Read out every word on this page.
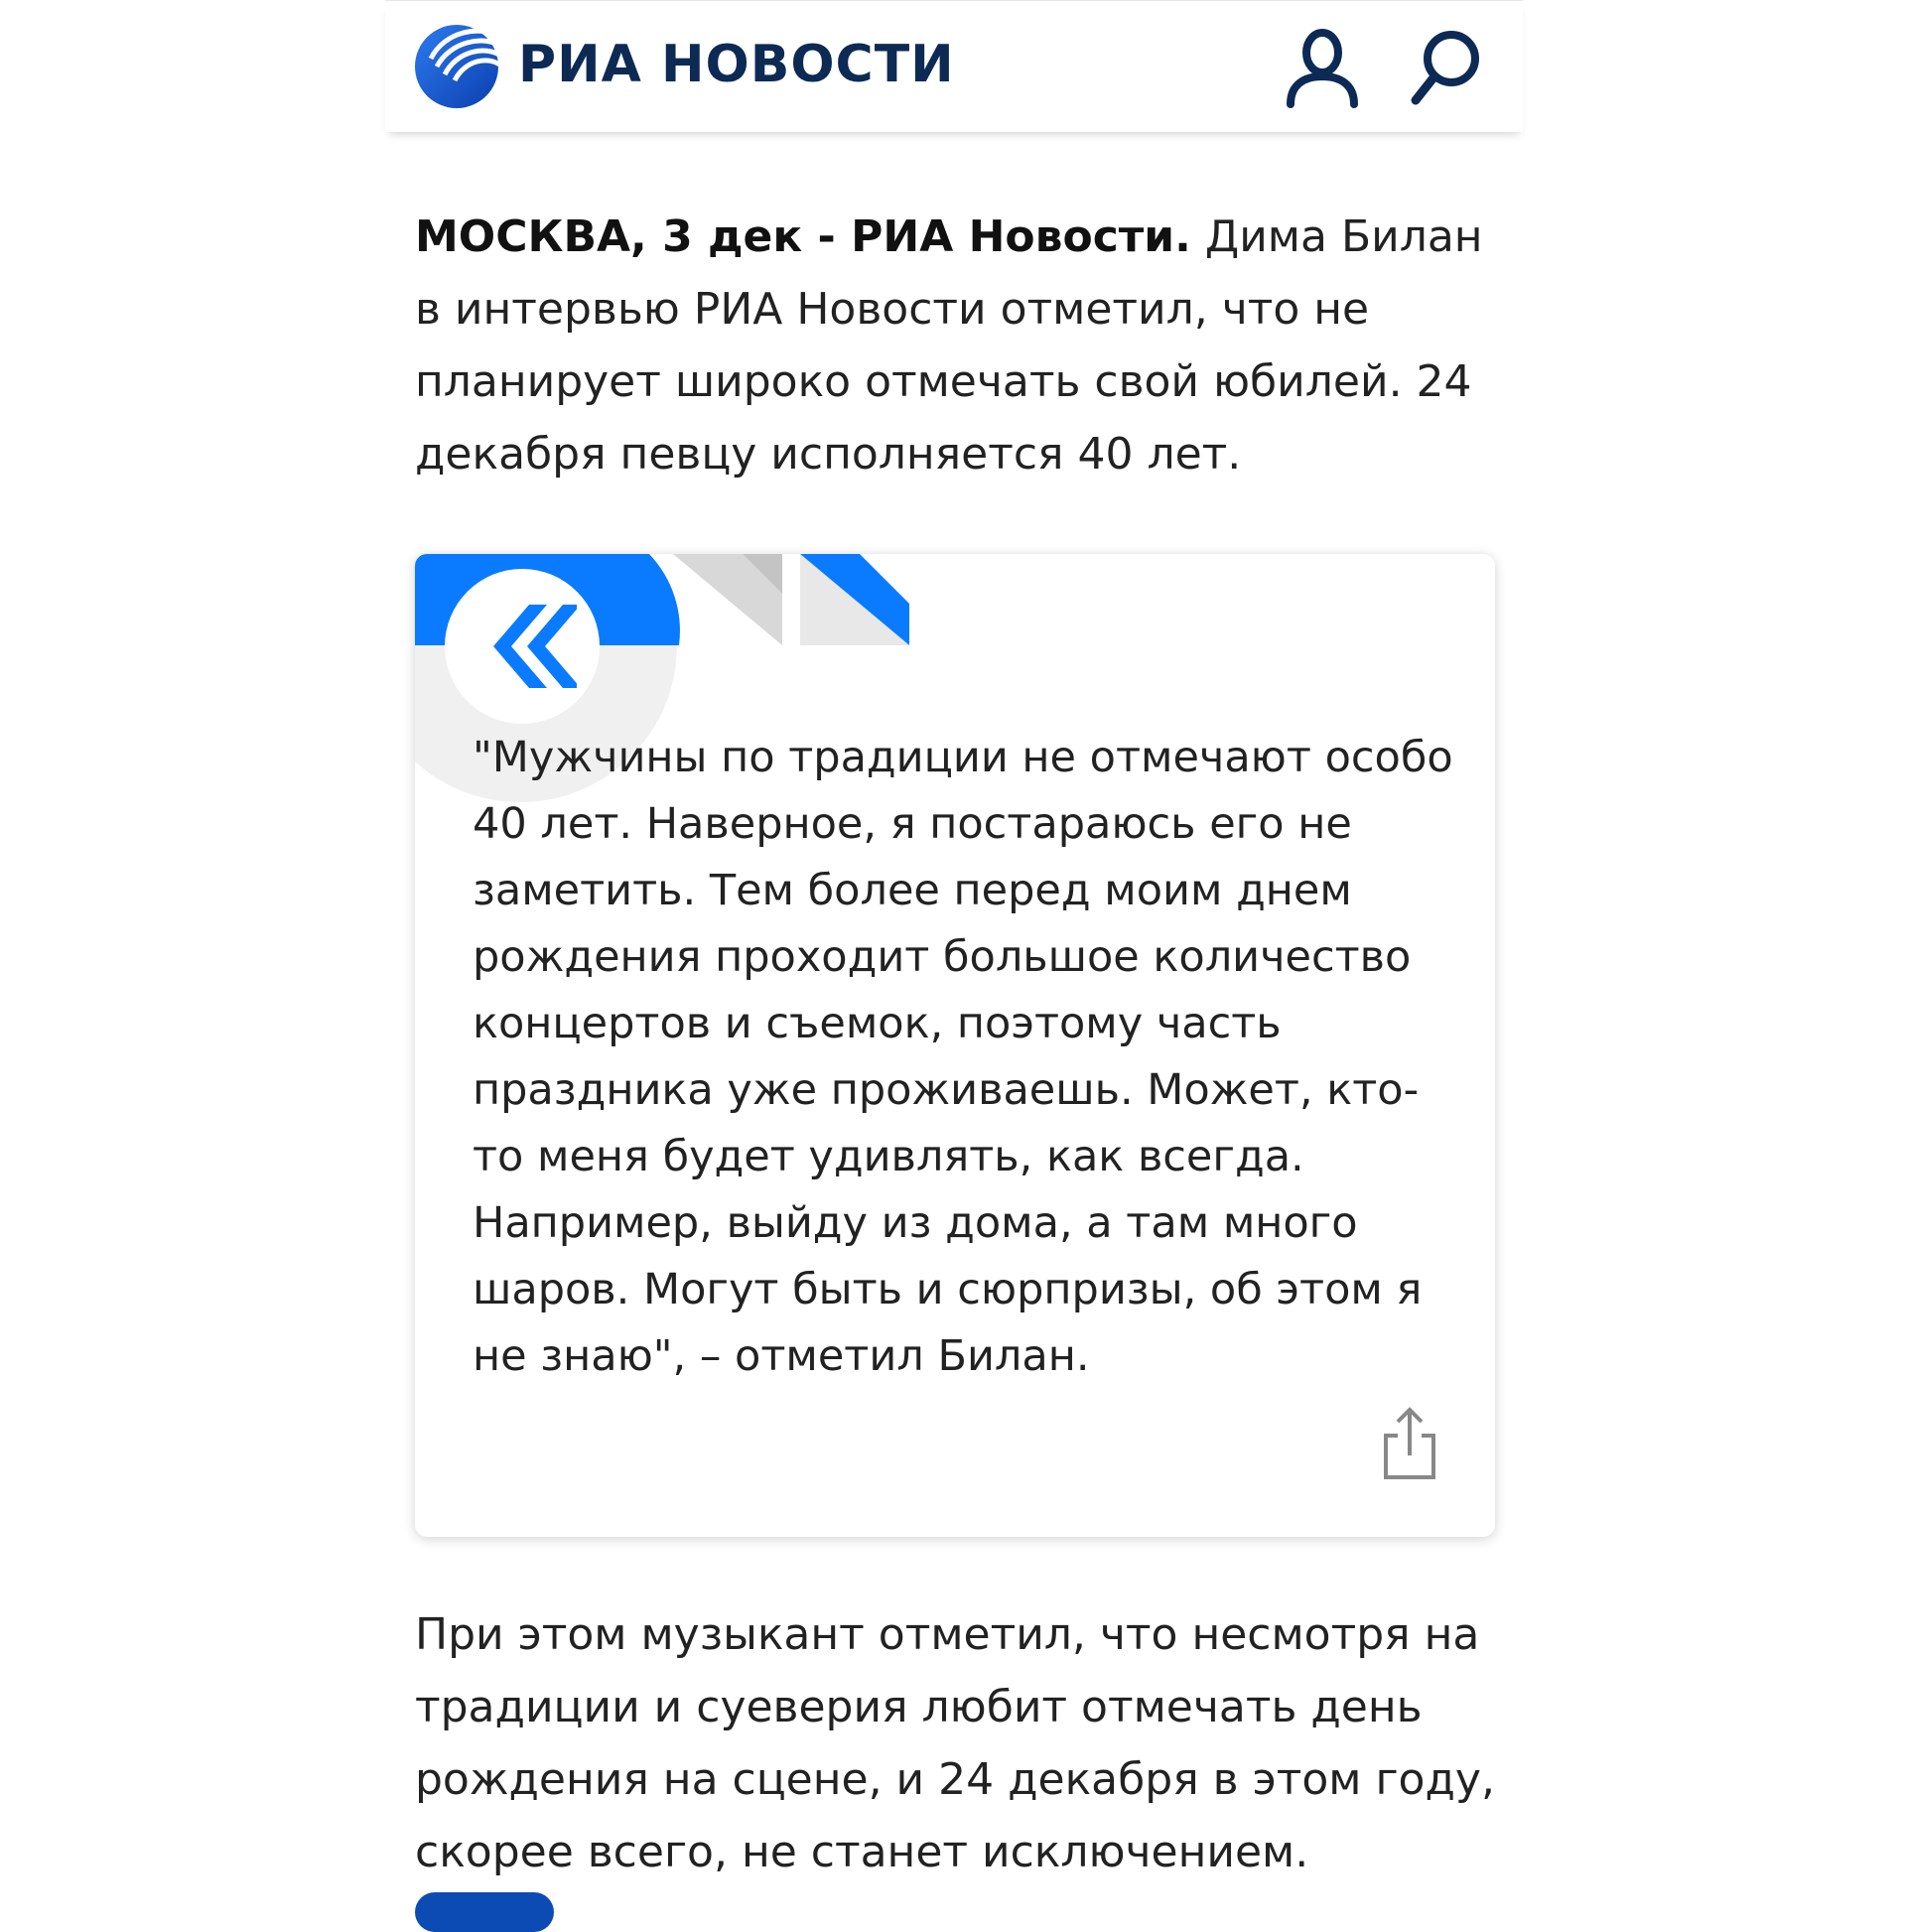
РИА НОВОСТИ

МОСКВА, 3 дек - РИА Новости. Дима Билан в интервью РИА Новости отметил, что не планирует широко отмечать свой юбилей. 24 декабря певцу исполняется 40 лет.

"Мужчины по традиции не отмечают особо 40 лет. Наверное, я постараюсь его не заметить. Тем более перед моим днем рождения проходит большое количество концертов и съемок, поэтому часть праздника уже проживаешь. Может, кто-то меня будет удивлять, как всегда. Например, выйду из дома, а там много шаров. Могут быть и сюрпризы, об этом я не знаю", – отметил Билан.

При этом музыкант отметил, что несмотря на традиции и суеверия любит отмечать день рождения на сцене, и 24 декабря в этом году, скорее всего, не станет исключением.
